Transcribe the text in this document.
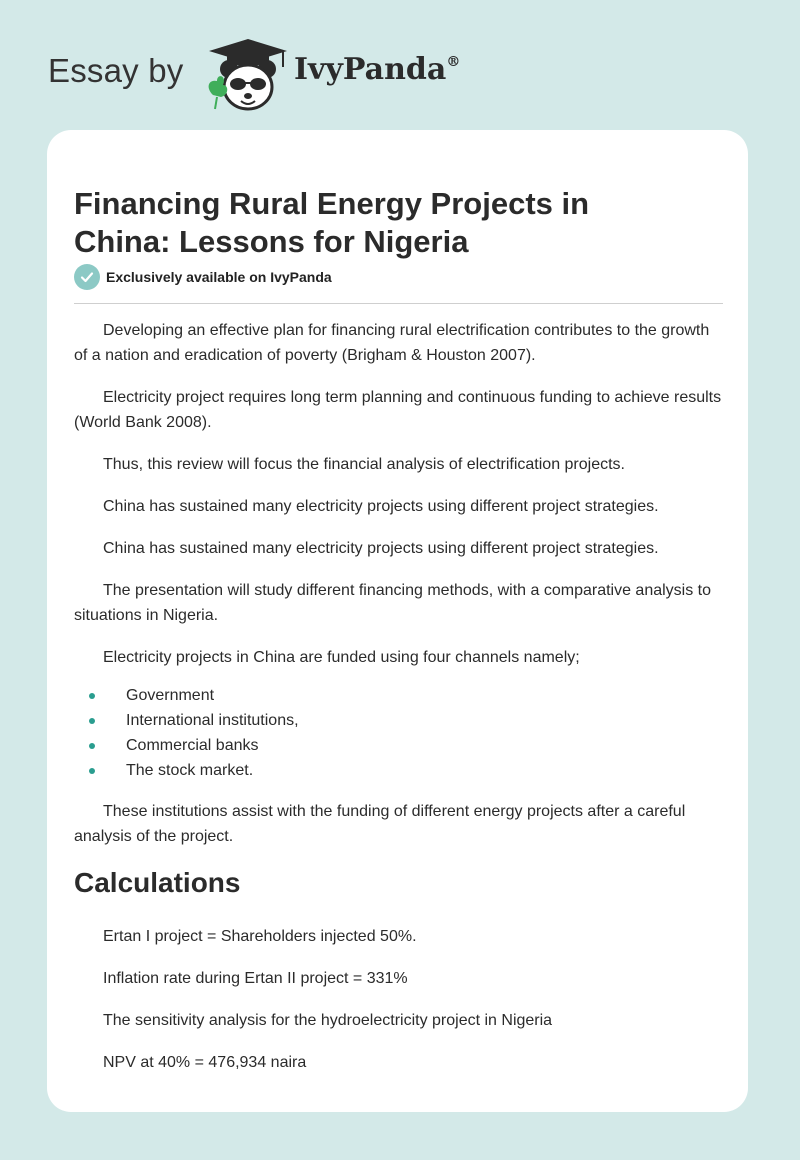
Essay by	IvyPanda®
Financing Rural Energy Projects in China: Lessons for Nigeria
Exclusively available on IvyPanda

Developing an effective plan for financing rural electrification contributes to the growth of a nation and eradication of poverty (Brigham & Houston 2007).

Electricity project requires long term planning and continuous funding to achieve results (World Bank 2008).

Thus, this review will focus the financial analysis of electrification projects.

China has sustained many electricity projects using different project strategies.

China has sustained many electricity projects using different project strategies.

The presentation will study different financing methods, with a comparative analysis to situations in Nigeria.

Electricity projects in China are funded using four channels namely;

Government
International institutions,
Commercial banks
The stock market.

These institutions assist with the funding of different energy projects after a careful analysis of the project.

Calculations

Ertan I project = Shareholders injected 50%.

Inflation rate during Ertan II project = 331%

The sensitivity analysis for the hydroelectricity project in Nigeria

NPV at 40% = 476,934 naira
